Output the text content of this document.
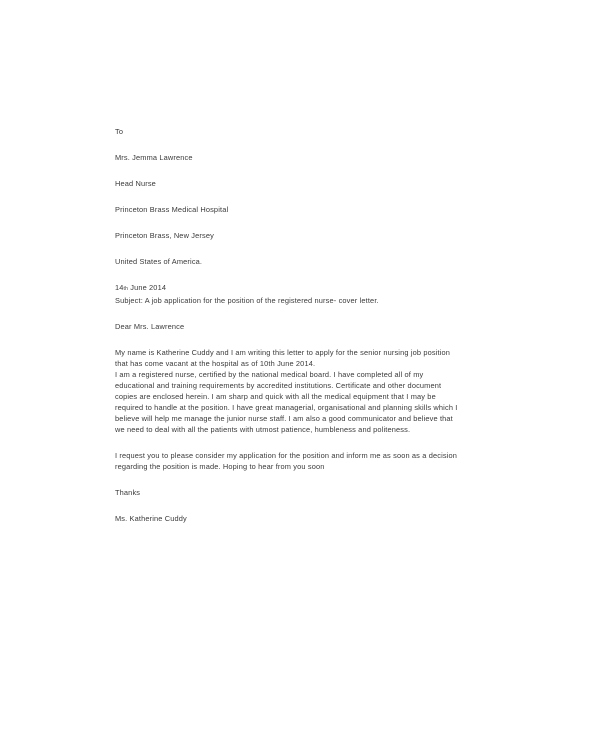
To
Mrs. Jemma Lawrence
Head Nurse
Princeton Brass Medical Hospital
Princeton Brass, New Jersey
United States of America.
14th June 2014
Subject: A job application for the position of the registered nurse- cover letter.
Dear Mrs. Lawrence
My name is Katherine Cuddy and I am writing this letter to apply for the senior nursing job position
that has come vacant at the hospital as of 10th June 2014.
I am a registered nurse, certified by the national medical board. I have completed all of my
educational and training requirements by accredited institutions. Certificate and other document
copies are enclosed herein. I am sharp and quick with all the medical equipment that I may be
required to handle at the position. I have great managerial, organisational and planning skills which I
believe will help me manage the junior nurse staff. I am also a good communicator and believe that
we need to deal with all the patients with utmost patience, humbleness and politeness.
I request you to please consider my application for the position and inform me as soon as a decision
regarding the position is made. Hoping to hear from you soon
Thanks
Ms. Katherine Cuddy
